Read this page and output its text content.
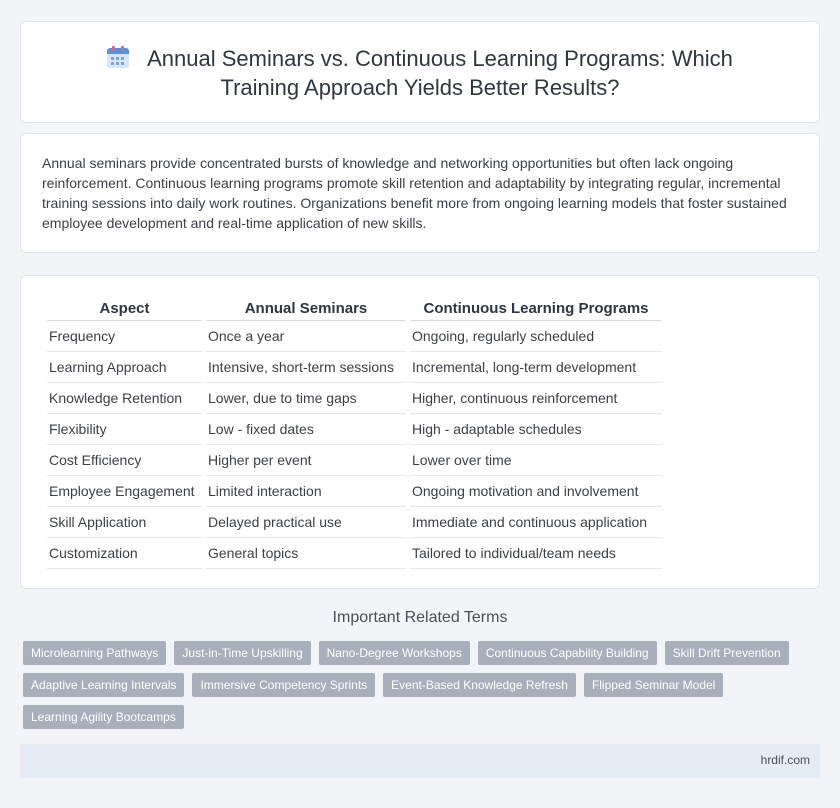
Annual Seminars vs. Continuous Learning Programs: Which Training Approach Yields Better Results?

Annual seminars provide concentrated bursts of knowledge and networking opportunities but often lack ongoing reinforcement. Continuous learning programs promote skill retention and adaptability by integrating regular, incremental training sessions into daily work routines. Organizations benefit more from ongoing learning models that foster sustained employee development and real-time application of new skills.

Aspect	Annual Seminars	Continuous Learning Programs
Frequency	Once a year	Ongoing, regularly scheduled
Learning Approach	Intensive, short-term sessions	Incremental, long-term development
Knowledge Retention	Lower, due to time gaps	Higher, continuous reinforcement
Flexibility	Low - fixed dates	High - adaptable schedules
Cost Efficiency	Higher per event	Lower over time
Employee Engagement	Limited interaction	Ongoing motivation and involvement
Skill Application	Delayed practical use	Immediate and continuous application
Customization	General topics	Tailored to individual/team needs
Important Related Terms
Microlearning Pathways	Just-in-Time Upskilling	Nano-Degree Workshops	Continuous Capability Building	Skill Drift Prevention
Adaptive Learning Intervals	Immersive Competency Sprints	Event-Based Knowledge Refresh	Flipped Seminar Model
Learning Agility Bootcamps
hrdif.com
